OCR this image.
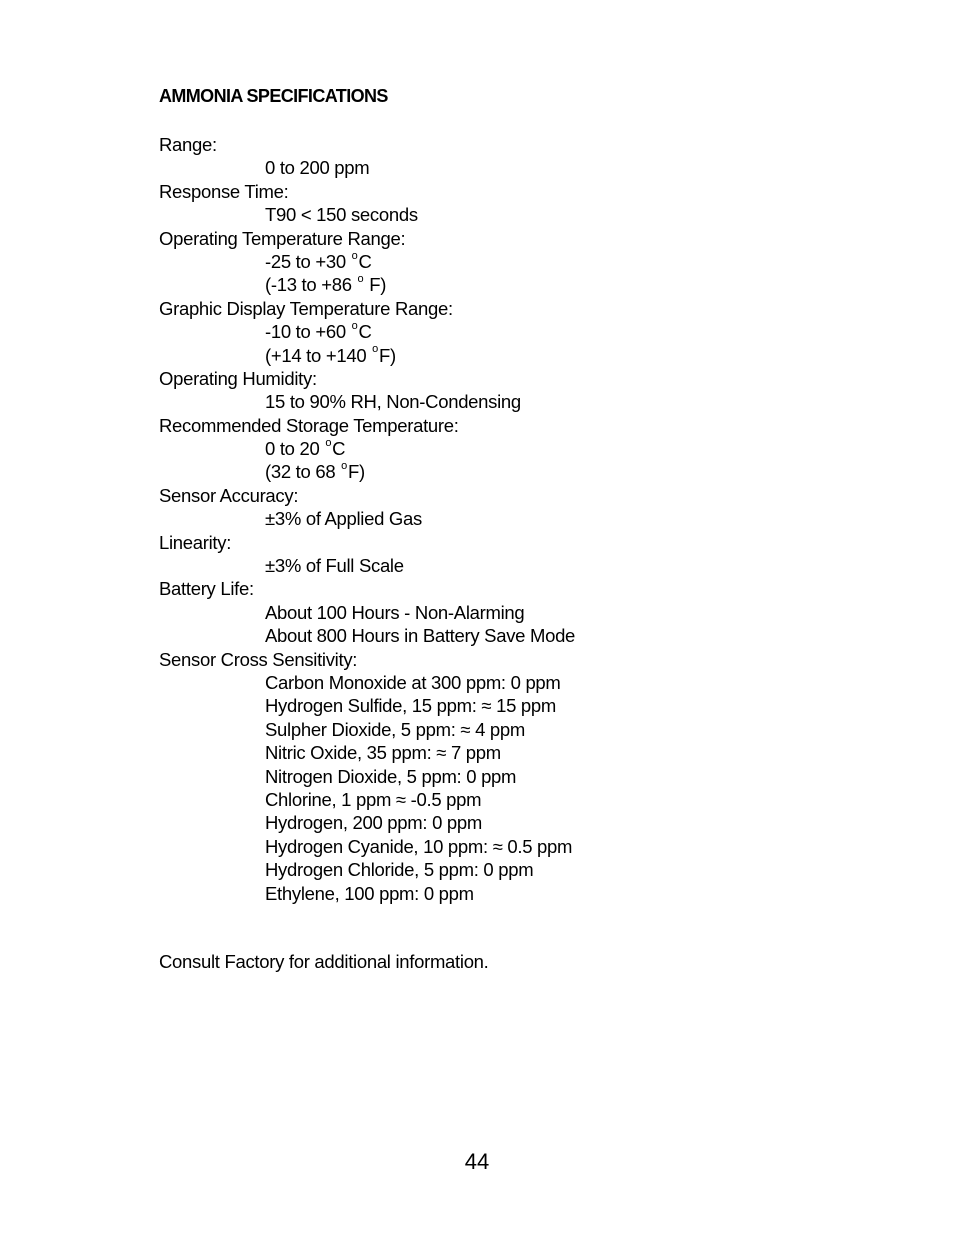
AMMONIA SPECIFICATIONS
Range:
0 to 200 ppm
Response Time:
T90 < 150 seconds
Operating Temperature Range:
-25 to +30 $^o$C
(-13 to +86 $^o$ F)
Graphic Display Temperature Range:
-10 to +60 $^o$C
(+14 to +140 $^o$F)
Operating Humidity:
15 to 90% RH, Non-Condensing
Recommended Storage Temperature:
0 to 20 $^o$C
(32 to 68 $^o$F)
Sensor Accuracy:
±3% of Applied Gas
Linearity:
±3% of Full Scale
Battery Life:
About 100 Hours - Non-Alarming
About 800 Hours in Battery Save Mode
Sensor Cross Sensitivity:
Carbon Monoxide at 300 ppm: 0 ppm
Hydrogen Sulfide, 15 ppm: ≈ 15 ppm
Sulpher Dioxide, 5 ppm: ≈ 4 ppm
Nitric Oxide, 35 ppm: ≈ 7 ppm
Nitrogen Dioxide, 5 ppm: 0 ppm
Chlorine, 1 ppm ≈ -0.5 ppm
Hydrogen, 200 ppm: 0 ppm
Hydrogen Cyanide, 10 ppm: ≈ 0.5 ppm
Hydrogen Chloride, 5 ppm: 0 ppm
Ethylene, 100 ppm: 0 ppm
Consult Factory for additional information.
44
